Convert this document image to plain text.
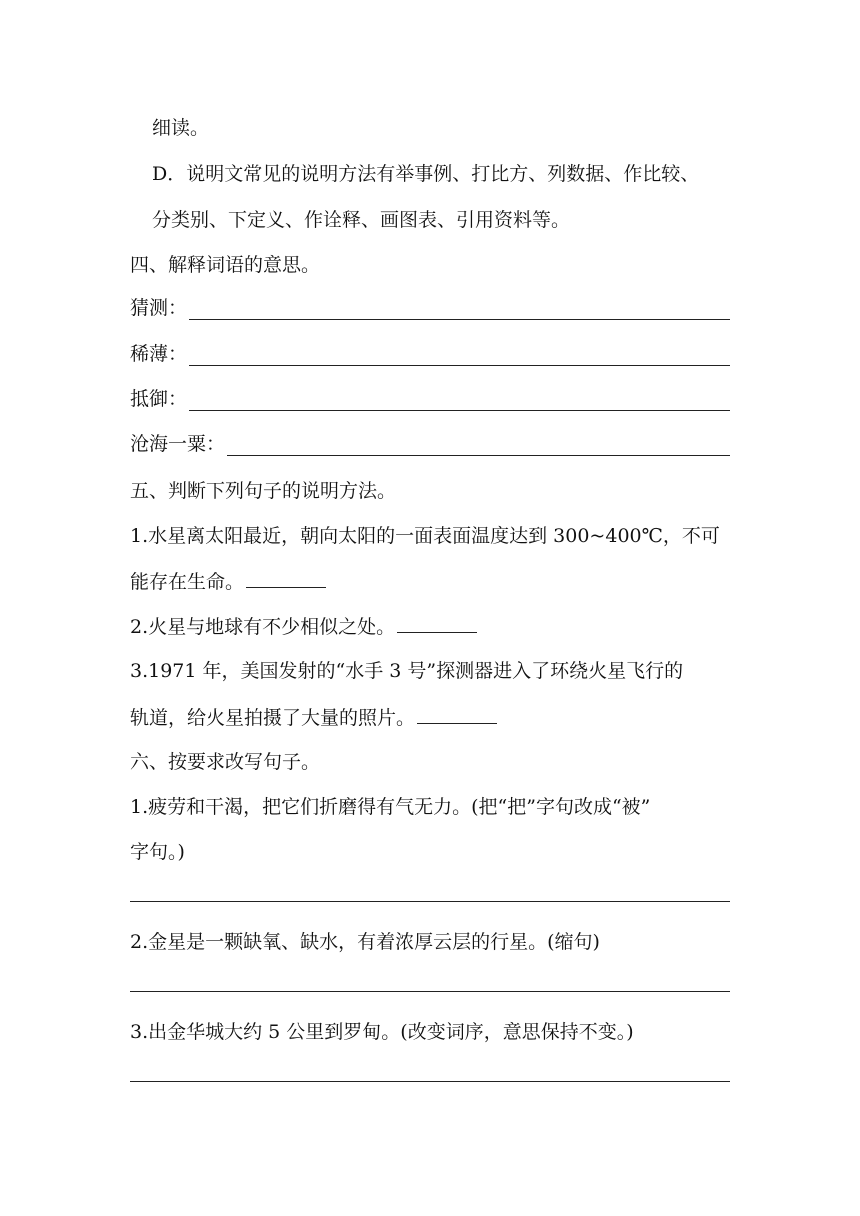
细读。
D．说明文常见的说明方法有举事例、打比方、列数据、作比较、
分类别、下定义、作诠释、画图表、引用资料等。
四、解释词语的意思。
猜测：
稀薄：
抵御：
沧海一粟：
五、判断下列句子的说明方法。
1.水星离太阳最近，朝向太阳的一面表面温度达到 300~400℃，不可
能存在生命。
2.火星与地球有不少相似之处。
3.1971 年，美国发射的“水手 3 号”探测器进入了环绕火星飞行的
轨道，给火星拍摄了大量的照片。
六、按要求改写句子。
1.疲劳和干渴，把它们折磨得有气无力。(把“把”字句改成“被”
字句。)
2.金星是一颗缺氧、缺水，有着浓厚云层的行星。(缩句)
3.出金华城大约 5 公里到罗甸。(改变词序，意思保持不变。)
